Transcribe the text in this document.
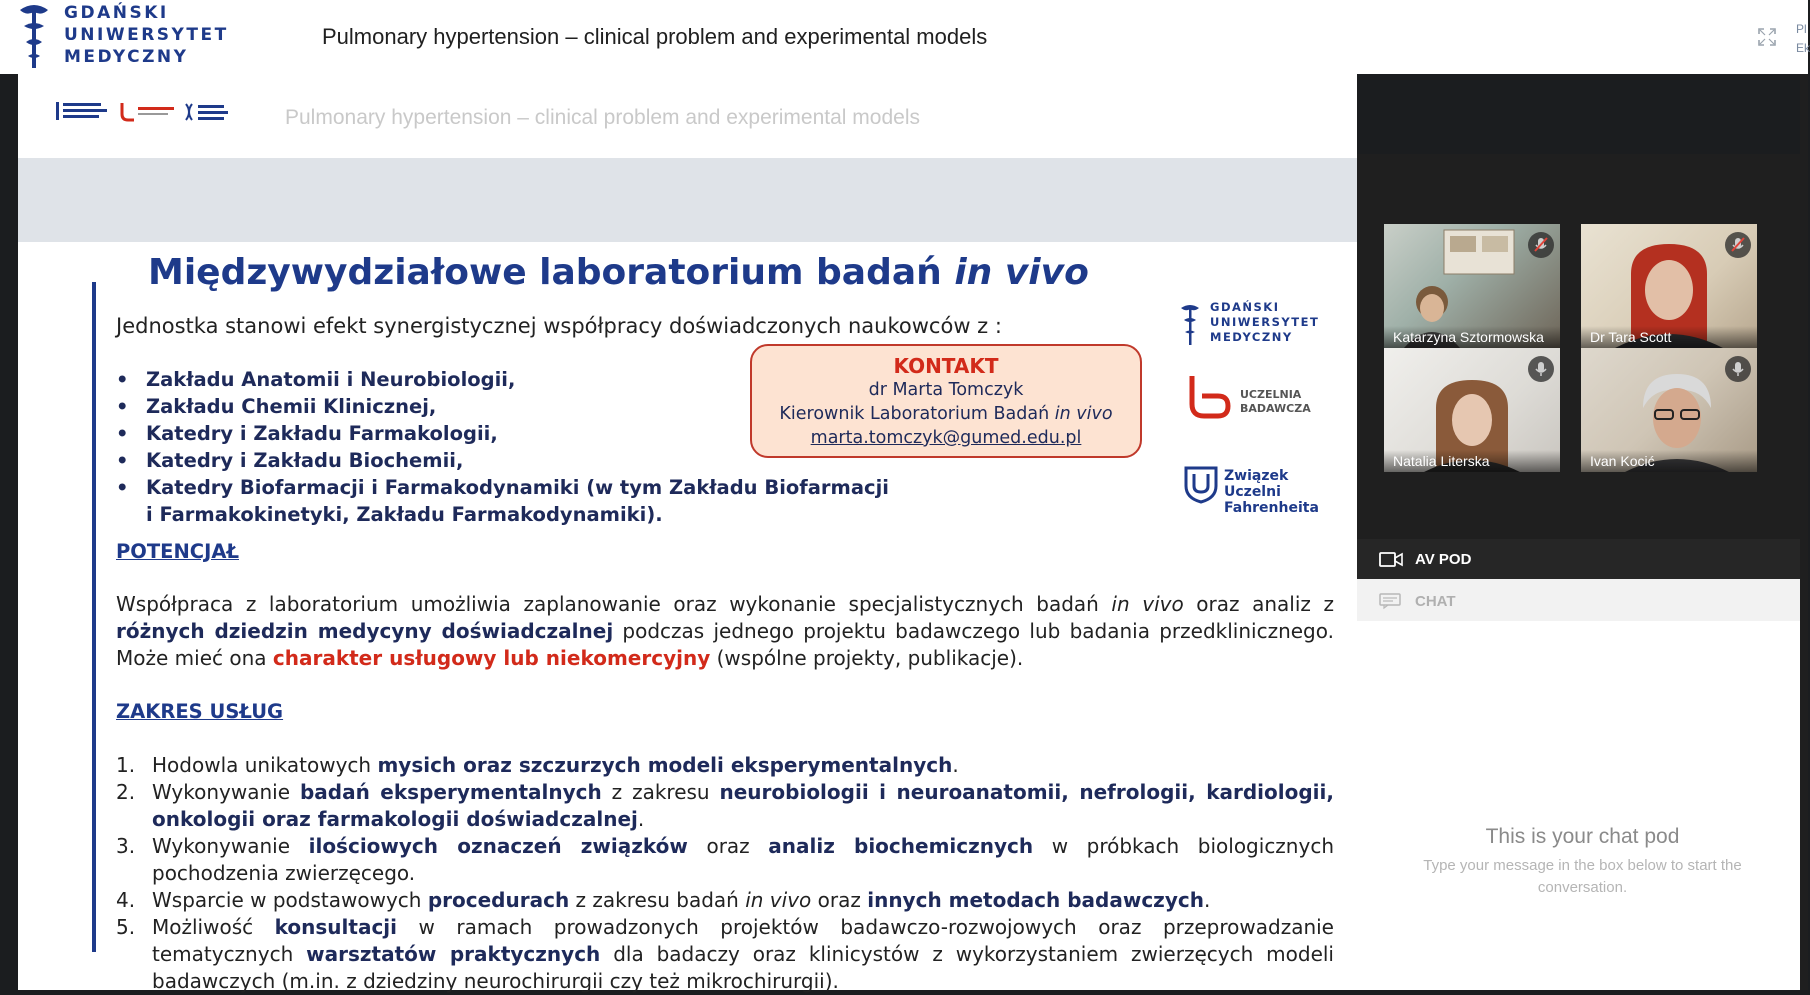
GDAŃSKI
UNIWERSYTET
MEDYCZNY
Pulmonary hypertension – clinical problem and experimental models	Pl
Ek
Pulmonary hypertension – clinical problem and experimental models
Międzywydziałowe laboratorium badań in vivo
Jednostka stanowi efekt synergistycznej współpracy doświadczonych naukowców z :
• Zakładu Anatomii i Neurobiologii,
• Zakładu Chemii Klinicznej,
• Katedry i Zakładu Farmakologii,
• Katedry i Zakładu Biochemii,
• Katedry Biofarmacji i Farmakodynamiki (w tym Zakładu Biofarmacji
i Farmakokinetyki, Zakładu Farmakodynamiki).
KONTAKT
dr Marta Tomczyk
Kierownik Laboratorium Badań in vivo
marta.tomczyk@gumed.edu.pl
GDAŃSKI
UNIWERSYTET
MEDYCZNY
UCZELNIA
BADAWCZA
Związek
Uczelni
Fahrenheita
POTENCJAŁ
Współpraca z laboratorium umożliwia zaplanowanie oraz wykonanie specjalistycznych badań in vivo oraz analiz z różnych dziedzin medycyny doświadczalnej podczas jednego projektu badawczego lub badania przedklinicznego. Może mieć ona charakter usługowy lub niekomercyjny (wspólne projekty, publikacje).
ZAKRES USŁUG
1. Hodowla unikatowych mysich oraz szczurzych modeli eksperymentalnych.
2. Wykonywanie badań eksperymentalnych z zakresu neurobiologii i neuroanatomii, nefrologii, kardiologii, onkologii oraz farmakologii doświadczalnej.
3. Wykonywanie ilościowych oznaczeń związków oraz analiz biochemicznych w próbkach biologicznych pochodzenia zwierzęcego.
4. Wsparcie w podstawowych procedurach z zakresu badań in vivo oraz innych metodach badawczych.
5. Możliwość konsultacji w ramach prowadzonych projektów badawczo-rozwojowych oraz przeprowadzanie tematycznych warsztatów praktycznych dla badaczy oraz klinicystów z wykorzystaniem zwierzęcych modeli badawczych (m.in. z dziedziny neurochirurgii czy też mikrochirurgii).
Katarzyna Sztormowska	Dr Tara Scott
Natalia Literska	Ivan Kocić
AV POD
CHAT
This is your chat pod
Type your message in the box below to start the conversation.
